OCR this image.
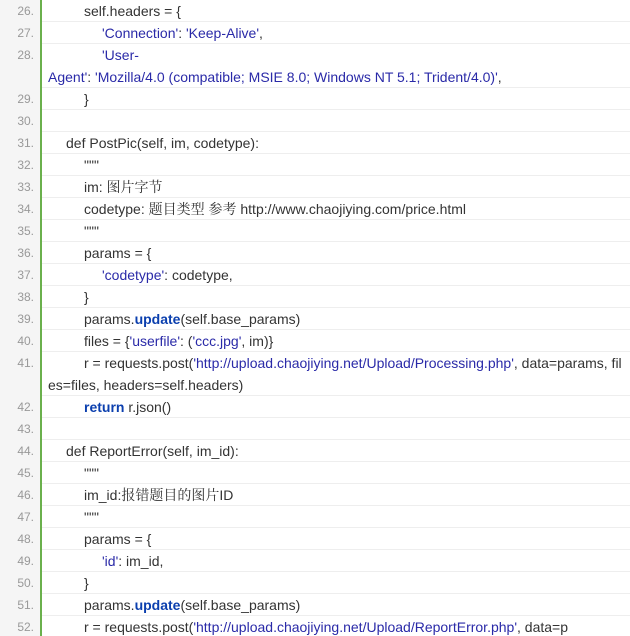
26.	self.headers = {
27.	'Connection': 'Keep-Alive',
28.	'User-
Agent': 'Mozilla/4.0 (compatible; MSIE 8.0; Windows NT 5.1; Trident/4.0)',
29.	}
30.
31.	def PostPic(self, im, codetype):
32.	"""
33.	im: 图片字节
34.	codetype: 题目类型 参考 http://www.chaojiying.com/price.html
35.	"""
36.	params = {
37.	'codetype': codetype,
38.	}
39.	params.update(self.base_params)
40.	files = {'userfile': ('ccc.jpg', im)}
41.	r = requests.post('http://upload.chaojiying.net/Upload/Processing.php', data=params, files=files, headers=self.headers)
42.	return r.json()
43.
44.	def ReportError(self, im_id):
45.	"""
46.	im_id:报错题目的图片ID
47.	"""
48.	params = {
49.	'id': im_id,
50.	}
51.	params.update(self.base_params)
52.	r = requests.post('http://upload.chaojiying.net/Upload/ReportError.php', data=p
